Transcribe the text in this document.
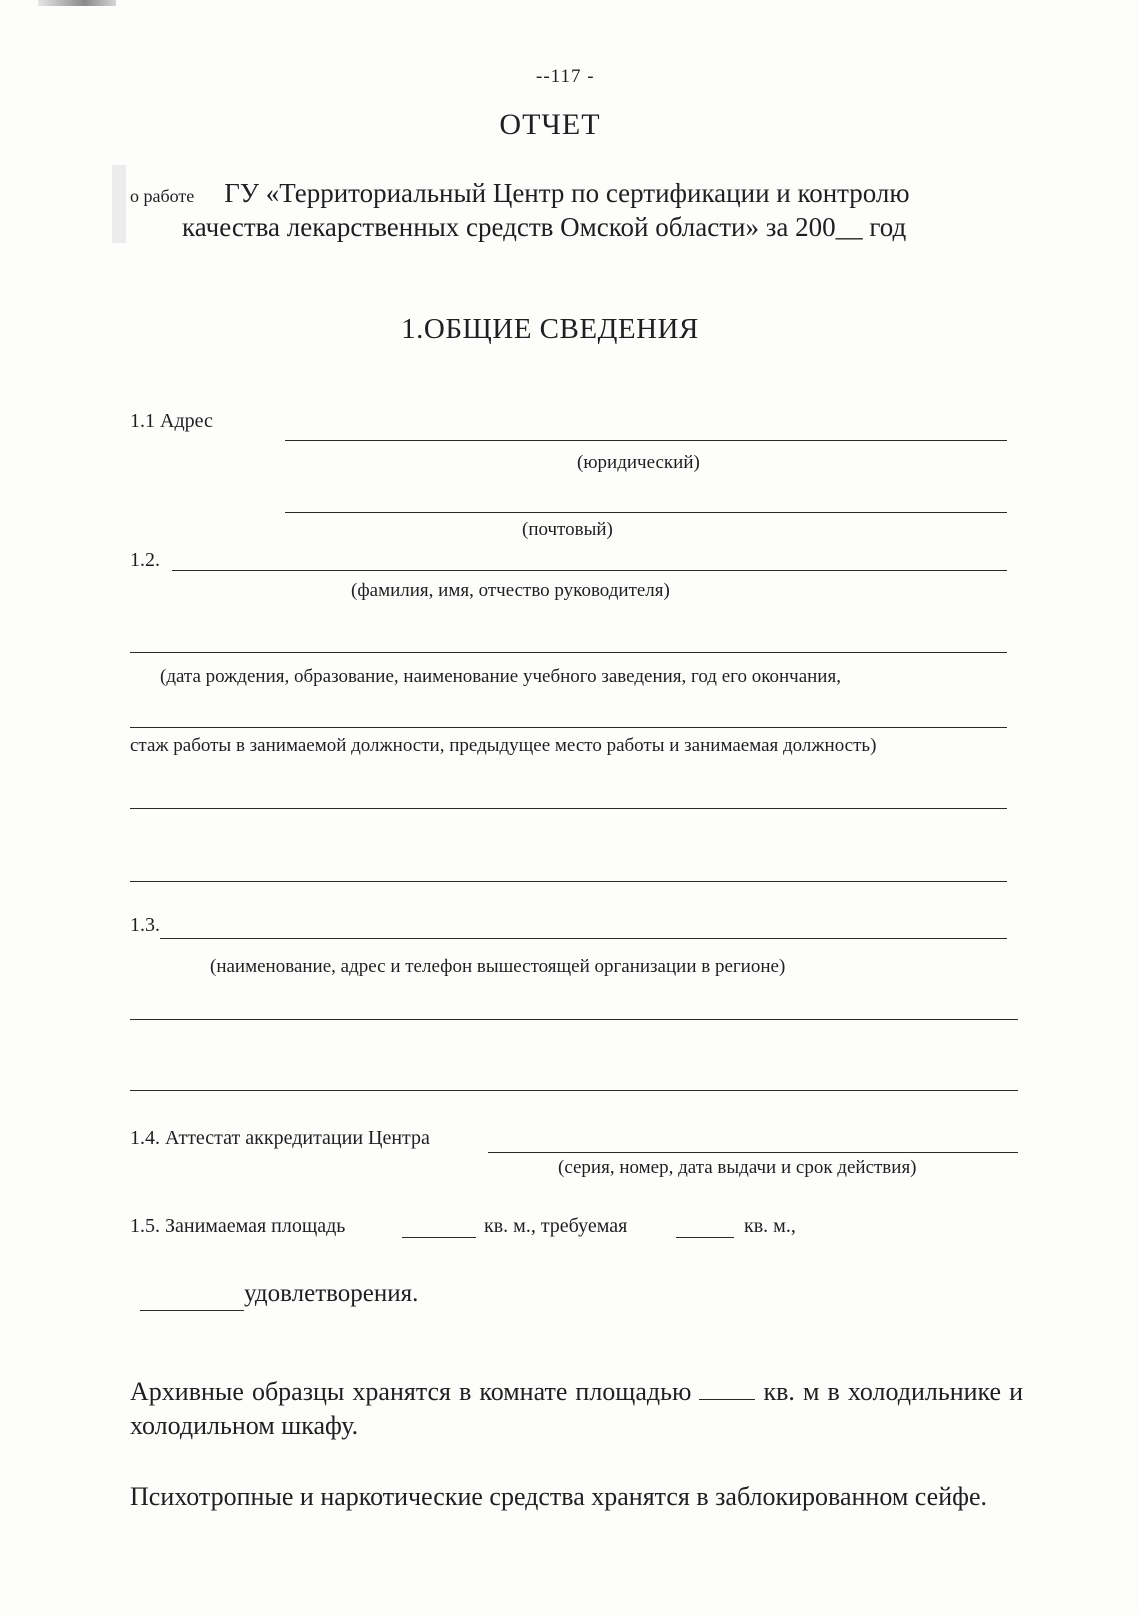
--117 -
ОТЧЕТ
о работе ГУ «Территориальный Центр по сертификации и контролю
качества лекарственных средств Омской области» за 200__ год
1.ОБЩИЕ СВЕДЕНИЯ
1.1 Адрес
(юридический)
(почтовый)
1.2.
(фамилия, имя, отчество руководителя)
(дата рождения, образование, наименование учебного заведения, год его окончания,
стаж работы в занимаемой должности, предыдущее место работы и занимаемая должность)
1.3.
(наименование, адрес и телефон вышестоящей организации в регионе)
1.4. Аттестат аккредитации Центра
(серия, номер, дата выдачи и срок действия)
1.5. Занимаемая площадь	кв. м., требуемая	кв. м.,
удовлетворения.
Архивные образцы хранятся в комнате площадью	кв. м в холодильнике и холодильном шкафу.
Психотропные и наркотические средства хранятся в заблокированном сейфе.
